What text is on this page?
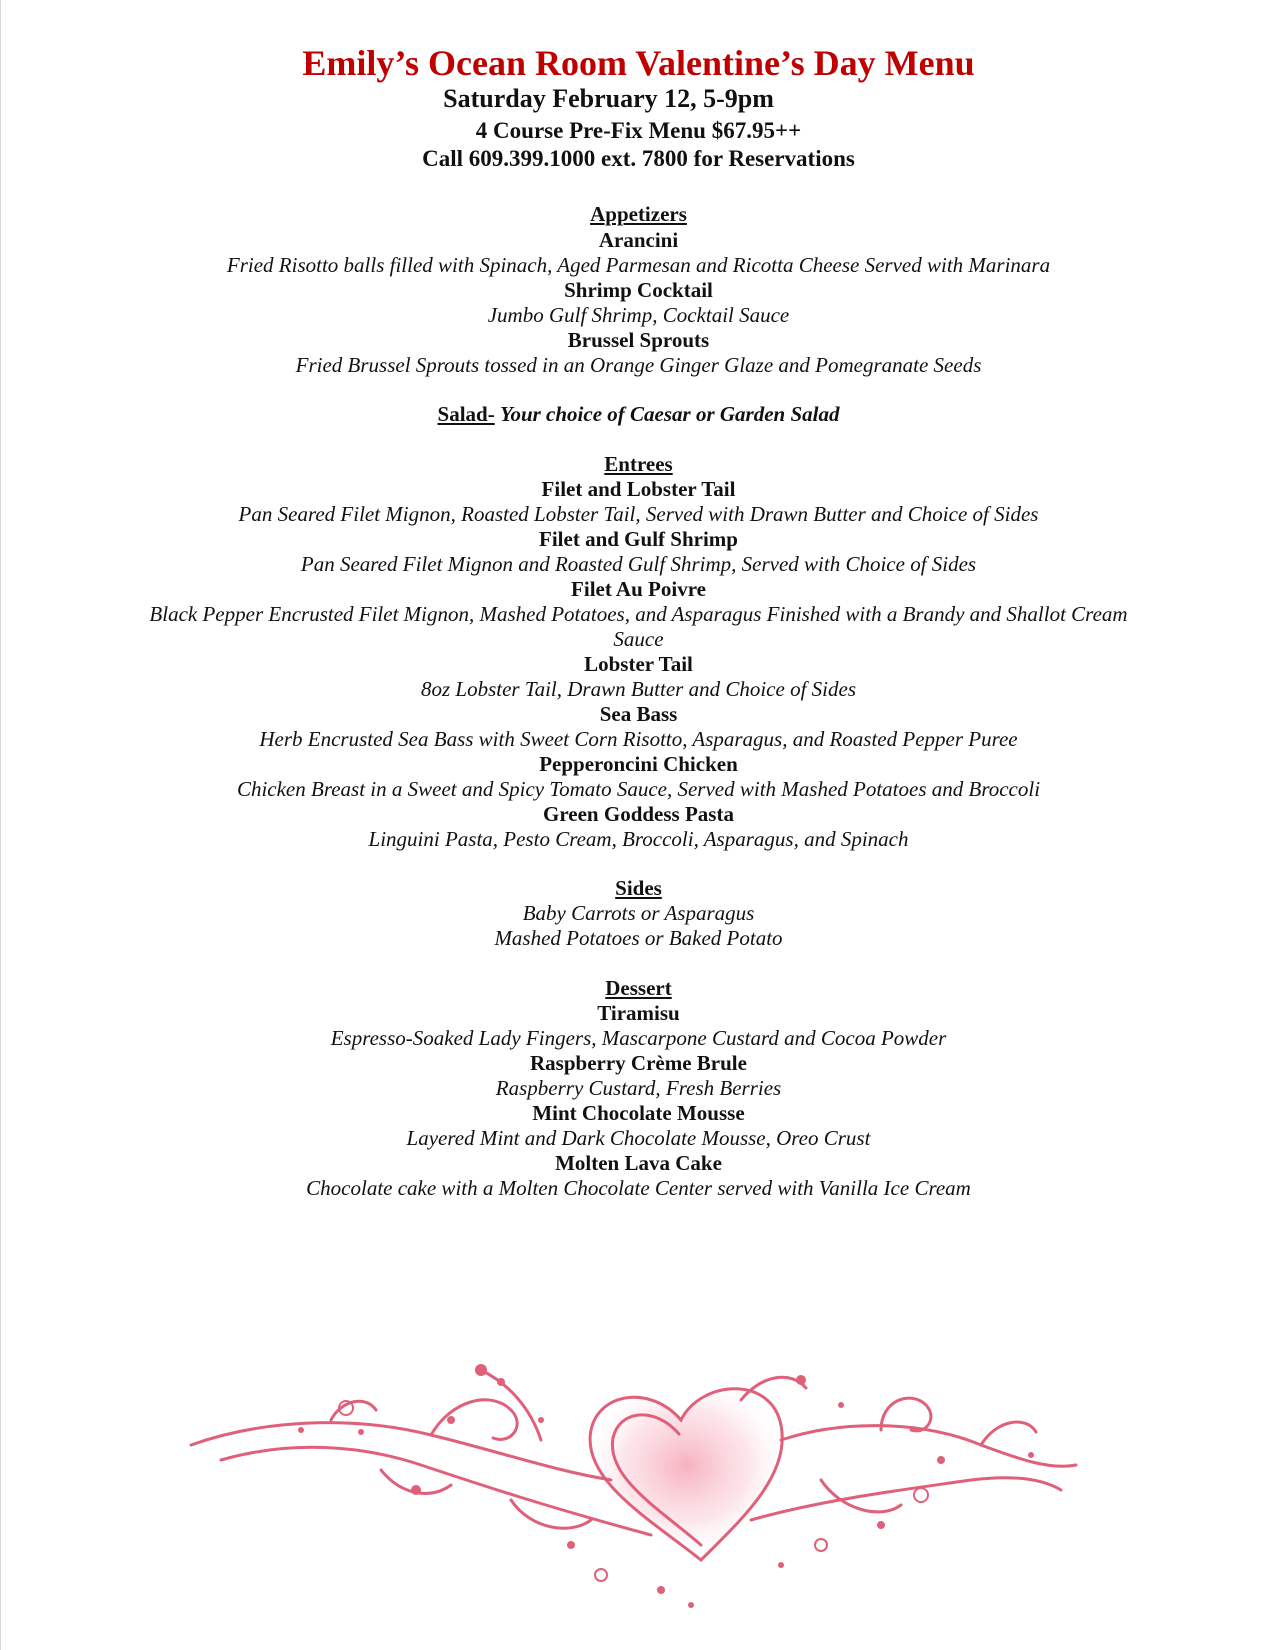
Emily’s Ocean Room Valentine’s Day Menu

Saturday February 12, 5-9pm

4 Course Pre-Fix Menu $67.95++

Call 609.399.1000 ext. 7800 for Reservations

Appetizers

Arancini

Fried Risotto balls filled with Spinach, Aged Parmesan and Ricotta Cheese Served with Marinara

Shrimp Cocktail

Jumbo Gulf Shrimp, Cocktail Sauce

Brussel Sprouts

Fried Brussel Sprouts tossed in an Orange Ginger Glaze and Pomegranate Seeds

Salad- Your choice of Caesar or Garden Salad

Entrees

Filet and Lobster Tail

Pan Seared Filet Mignon, Roasted Lobster Tail, Served with Drawn Butter and Choice of Sides

Filet and Gulf Shrimp

Pan Seared Filet Mignon and Roasted Gulf Shrimp, Served with Choice of Sides

Filet Au Poivre

Black Pepper Encrusted Filet Mignon, Mashed Potatoes, and Asparagus Finished with a Brandy and Shallot Cream

Sauce

Lobster Tail

8oz Lobster Tail, Drawn Butter and Choice of Sides

Sea Bass

Herb Encrusted Sea Bass with Sweet Corn Risotto, Asparagus, and Roasted Pepper Puree

Pepperoncini Chicken

Chicken Breast in a Sweet and Spicy Tomato Sauce, Served with Mashed Potatoes and Broccoli

Green Goddess Pasta

Linguini Pasta, Pesto Cream, Broccoli, Asparagus, and Spinach

Sides

Baby Carrots or Asparagus

Mashed Potatoes or Baked Potato

Dessert

Tiramisu

Espresso-Soaked Lady Fingers, Mascarpone Custard and Cocoa Powder

Raspberry Crème Brule

Raspberry Custard, Fresh Berries

Mint Chocolate Mousse

Layered Mint and Dark Chocolate Mousse, Oreo Crust

Molten Lava Cake

Chocolate cake with a Molten Chocolate Center served with Vanilla Ice Cream
